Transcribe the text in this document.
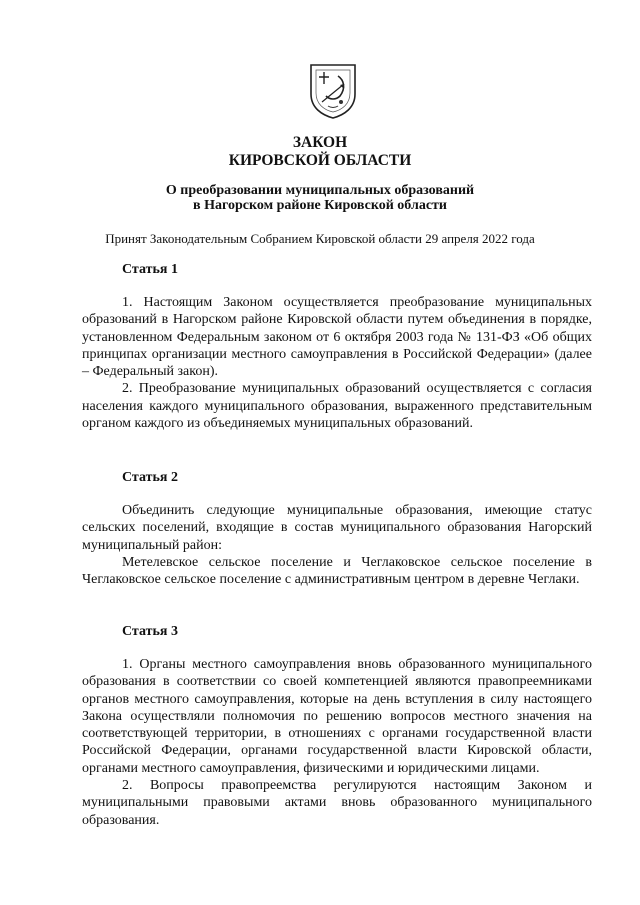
ЗАКОН
КИРОВСКОЙ ОБЛАСТИ
О преобразовании муниципальных образований
в Нагорском районе Кировской области
Принят Законодательным Собранием Кировской области 29 апреля 2022 года
Статья 1

1. Настоящим Законом осуществляется преобразование муниципальных образований в Нагорском районе Кировской области путем объединения в порядке, установленном Федеральным законом от 6 октября 2003 года № 131-ФЗ «Об общих принципах организации местного самоуправления в Российской Федерации» (далее – Федеральный закон).

2. Преобразование муниципальных образований осуществляется с согласия населения каждого муниципального образования, выраженного представительным органом каждого из объединяемых муниципальных образований.

Статья 2

Объединить следующие муниципальные образования, имеющие статус сельских поселений, входящие в состав муниципального образования Нагорский муниципальный район:

Метелевское сельское поселение и Чеглаковское сельское поселение в Чеглаковское сельское поселение с административным центром в деревне Чеглаки.

Статья 3

1. Органы местного самоуправления вновь образованного муниципального образования в соответствии со своей компетенцией являются правопреемниками органов местного самоуправления, которые на день вступления в силу настоящего Закона осуществляли полномочия по решению вопросов местного значения на соответствующей территории, в отношениях с органами государственной власти Российской Федерации, органами государственной власти Кировской области, органами местного самоуправления, физическими и юридическими лицами.

2. Вопросы правопреемства регулируются настоящим Законом и муниципальными правовыми актами вновь образованного муниципального образования.
